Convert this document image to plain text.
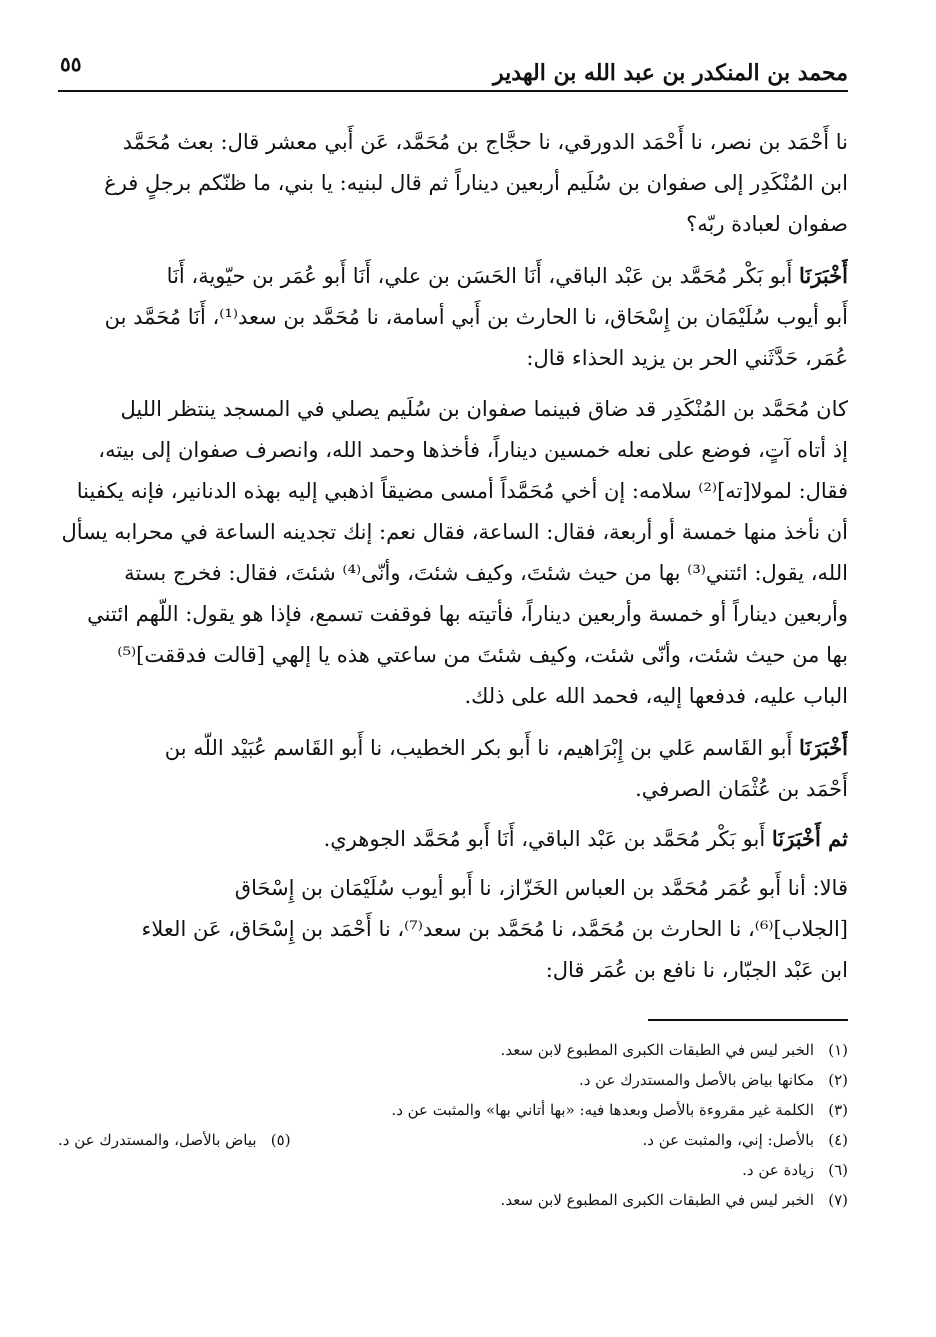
محمد بن المنكدر بن عبد الله بن الهدير
٥٥

نا أَحْمَد بن نصر، نا أَحْمَد الدورقي، نا حجَّاج بن مُحَمَّد، عَن أَبي معشر قال: بعث مُحَمَّد
ابن المُنْكَدِر إلى صفوان بن سُلَيم أربعين ديناراً ثم قال لبنيه: يا بني، ما ظنّكم برجلٍ فرغ
صفوان لعبادة ربّه؟

أَخْبَرَنَا أَبو بَكْر مُحَمَّد بن عَبْد الباقي، أَنَا الحَسَن بن علي، أَنَا أَبو عُمَر بن حيّوية، أَنَا
أَبو أيوب سُلَيْمَان بن إِسْحَاق، نا الحارث بن أَبي أسامة، نا مُحَمَّد بن سعد⁽¹⁾، أَنَا مُحَمَّد بن
عُمَر، حَدَّثَني الحر بن يزيد الحذاء قال:

كان مُحَمَّد بن المُنْكَدِر قد ضاق فبينما صفوان بن سُلَيم يصلي في المسجد ينتظر الليل
إذ أتاه آتٍ، فوضع على نعله خمسين ديناراً، فأخذها وحمد الله، وانصرف صفوان إلى بيته،
فقال: لمولا[ته]⁽²⁾ سلامه: إن أخي مُحَمَّداً أمسى مضيقاً اذهبي إليه بهذه الدنانير، فإنه يكفينا
أن نأخذ منها خمسة أو أربعة، فقال: الساعة، فقال نعم: إنك تجدينه الساعة في محرابه يسأل
الله، يقول: ائتني⁽³⁾ بها من حيث شئتَ، وكيف شئتَ، وأنّى⁽⁴⁾ شئتَ، فقال: فخرج بستة
وأربعين ديناراً أو خمسة وأربعين ديناراً، فأتيته بها فوقفت تسمع، فإذا هو يقول: اللّهم ائتني
بها من حيث شئت، وأنّى شئت، وكيف شئتَ من ساعتي هذه يا إلهي [قالت فدققت]⁽⁵⁾
الباب عليه، فدفعها إليه، فحمد الله على ذلك.

أَخْبَرَنَا أَبو القَاسم عَلي بن إِبْرَاهيم، نا أَبو بكر الخطيب، نا أَبو القَاسم عُبَيْد اللّه بن
أَحْمَد بن عُثْمَان الصرفي.

ثم أَخْبَرَنَا أَبو بَكْر مُحَمَّد بن عَبْد الباقي، أَنَا أَبو مُحَمَّد الجوهري.

قالا: أنا أَبو عُمَر مُحَمَّد بن العباس الخَزّاز، نا أَبو أيوب سُلَيْمَان بن إِسْحَاق
[الجلاب]⁽⁶⁾، نا الحارث بن مُحَمَّد، نا مُحَمَّد بن سعد⁽⁷⁾، نا أَحْمَد بن إِسْحَاق، عَن العلاء
ابن عَبْد الجبّار، نا نافع بن عُمَر قال:

(١)الخبر ليس في الطبقات الكبرى المطبوع لابن سعد.
(٢)مكانها بياض بالأصل والمستدرك عن د.
(٣)الكلمة غير مقروءة بالأصل وبعدها فيه: «بها أتاني بها» والمثبت عن د.
(٤)بالأصل: إني، والمثبت عن د.
(٥)بياض بالأصل، والمستدرك عن د.
(٦)زيادة عن د.
(٧)الخبر ليس في الطبقات الكبرى المطبوع لابن سعد.
